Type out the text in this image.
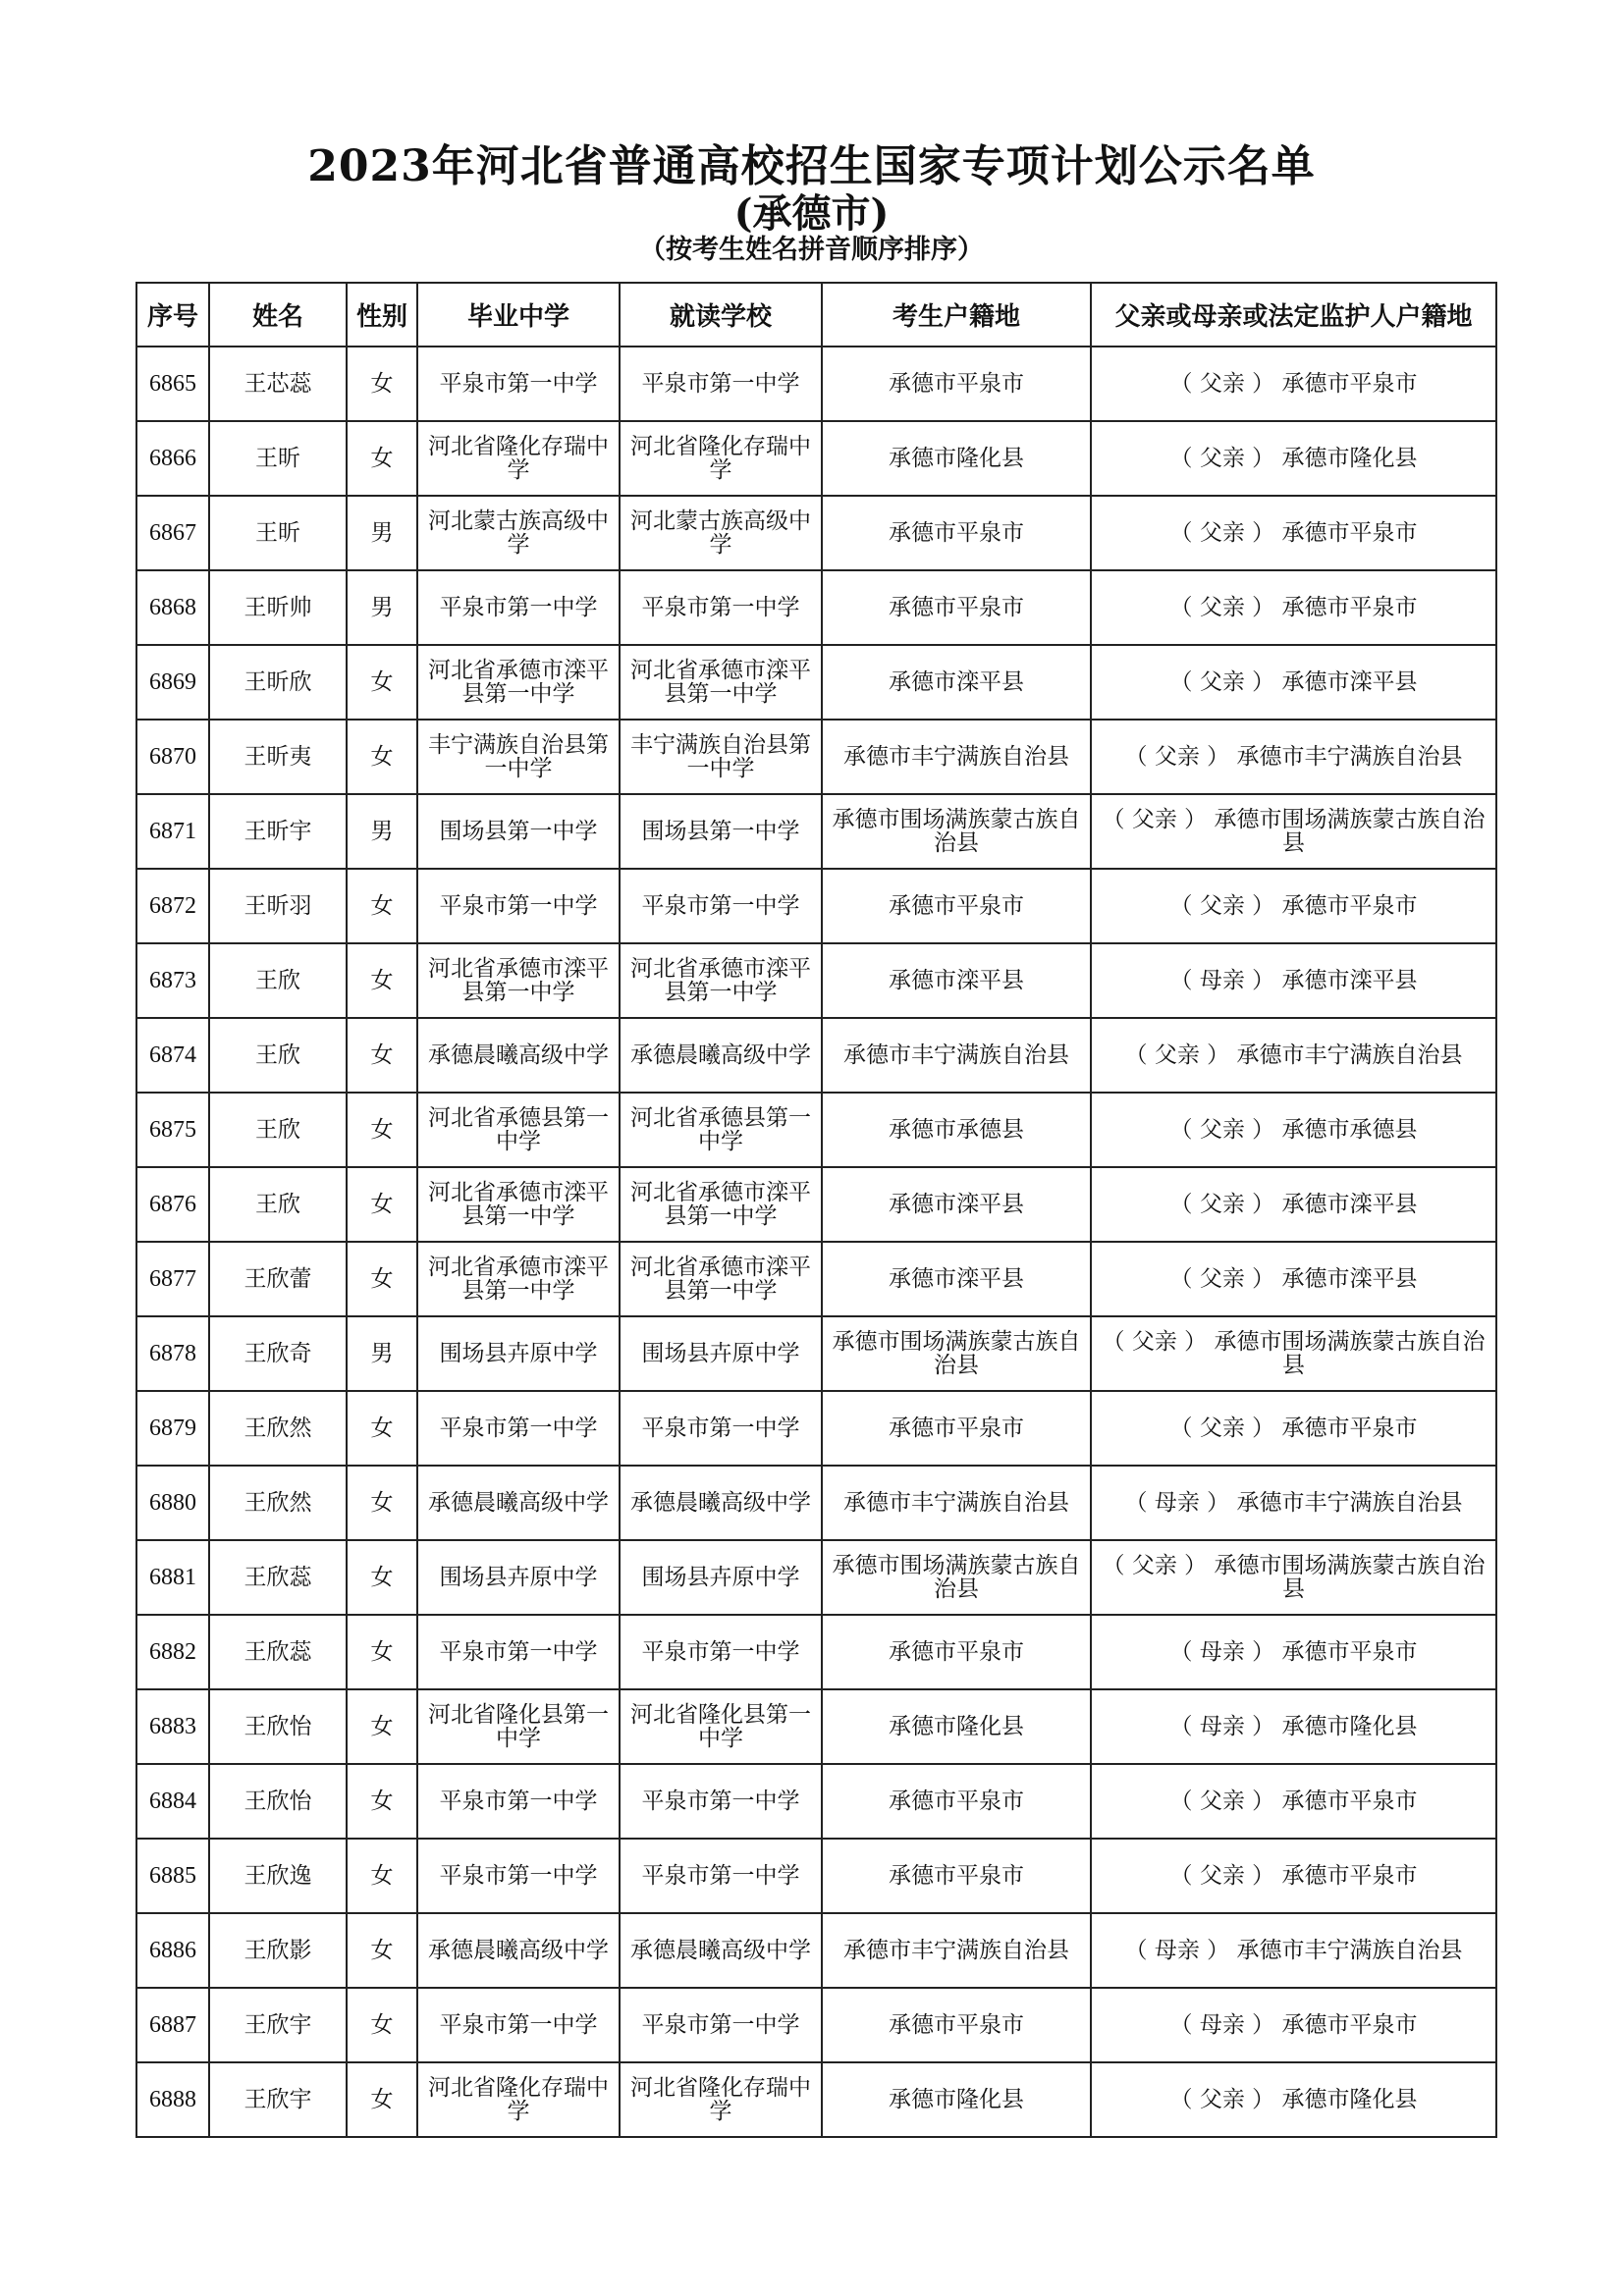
2023年河北省普通高校招生国家专项计划公示名单
(承德市)
（按考生姓名拼音顺序排序）
序号	姓名	性别	毕业中学	就读学校	考生户籍地	父亲或母亲或法定监护人户籍地
6865	王芯蕊	女	平泉市第一中学	平泉市第一中学	承德市平泉市	（ 父亲 ） 承德市平泉市
6866	王昕	女	河北省隆化存瑞中学	河北省隆化存瑞中学	承德市隆化县	（ 父亲 ） 承德市隆化县
6867	王昕	男	河北蒙古族高级中学	河北蒙古族高级中学	承德市平泉市	（ 父亲 ） 承德市平泉市
6868	王昕帅	男	平泉市第一中学	平泉市第一中学	承德市平泉市	（ 父亲 ） 承德市平泉市
6869	王昕欣	女	河北省承德市滦平县第一中学	河北省承德市滦平县第一中学	承德市滦平县	（ 父亲 ） 承德市滦平县
6870	王昕夷	女	丰宁满族自治县第一中学	丰宁满族自治县第一中学	承德市丰宁满族自治县	（ 父亲 ） 承德市丰宁满族自治县
6871	王昕宇	男	围场县第一中学	围场县第一中学	承德市围场满族蒙古族自治县	（ 父亲 ） 承德市围场满族蒙古族自治县
6872	王昕羽	女	平泉市第一中学	平泉市第一中学	承德市平泉市	（ 父亲 ） 承德市平泉市
6873	王欣	女	河北省承德市滦平县第一中学	河北省承德市滦平县第一中学	承德市滦平县	（ 母亲 ） 承德市滦平县
6874	王欣	女	承德晨曦高级中学	承德晨曦高级中学	承德市丰宁满族自治县	（ 父亲 ） 承德市丰宁满族自治县
6875	王欣	女	河北省承德县第一中学	河北省承德县第一中学	承德市承德县	（ 父亲 ） 承德市承德县
6876	王欣	女	河北省承德市滦平县第一中学	河北省承德市滦平县第一中学	承德市滦平县	（ 父亲 ） 承德市滦平县
6877	王欣蕾	女	河北省承德市滦平县第一中学	河北省承德市滦平县第一中学	承德市滦平县	（ 父亲 ） 承德市滦平县
6878	王欣奇	男	围场县卉原中学	围场县卉原中学	承德市围场满族蒙古族自治县	（ 父亲 ） 承德市围场满族蒙古族自治县
6879	王欣然	女	平泉市第一中学	平泉市第一中学	承德市平泉市	（ 父亲 ） 承德市平泉市
6880	王欣然	女	承德晨曦高级中学	承德晨曦高级中学	承德市丰宁满族自治县	（ 母亲 ） 承德市丰宁满族自治县
6881	王欣蕊	女	围场县卉原中学	围场县卉原中学	承德市围场满族蒙古族自治县	（ 父亲 ） 承德市围场满族蒙古族自治县
6882	王欣蕊	女	平泉市第一中学	平泉市第一中学	承德市平泉市	（ 母亲 ） 承德市平泉市
6883	王欣怡	女	河北省隆化县第一中学	河北省隆化县第一中学	承德市隆化县	（ 母亲 ） 承德市隆化县
6884	王欣怡	女	平泉市第一中学	平泉市第一中学	承德市平泉市	（ 父亲 ） 承德市平泉市
6885	王欣逸	女	平泉市第一中学	平泉市第一中学	承德市平泉市	（ 父亲 ） 承德市平泉市
6886	王欣影	女	承德晨曦高级中学	承德晨曦高级中学	承德市丰宁满族自治县	（ 母亲 ） 承德市丰宁满族自治县
6887	王欣宇	女	平泉市第一中学	平泉市第一中学	承德市平泉市	（ 母亲 ） 承德市平泉市
6888	王欣宇	女	河北省隆化存瑞中学	河北省隆化存瑞中学	承德市隆化县	（ 父亲 ） 承德市隆化县
